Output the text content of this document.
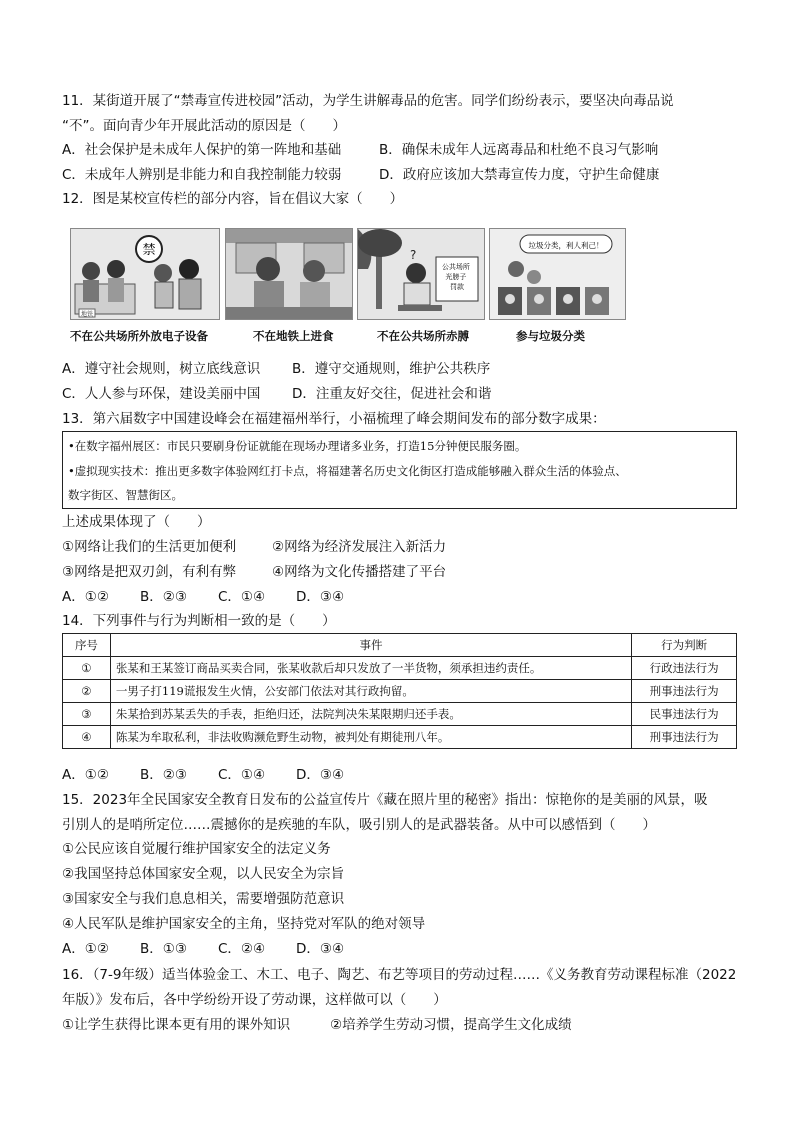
11．某街道开展了“禁毒宣传进校园”活动，为学生讲解毒品的危害。同学们纷纷表示，要坚决向毒品说
“不”。面向青少年开展此活动的原因是（　　）
A．社会保护是未成年人保护的第一阵地和基础	B．确保未成年人远离毒品和杜绝不良习气影响
C．未成年人辨别是非能力和自我控制能力较弱	D．政府应该加大禁毒宣传力度，守护生命健康
12．图是某校宣传栏的部分内容，旨在倡议大家（　　）
禁
地铁
?
公共场所 光膀子 罚款
垃圾分类，利人利己！
不在公共场所外放电子设备	不在地铁上进食	不在公共场所赤膊	参与垃圾分类
A．遵守社会规则，树立底线意识 B．遵守交通规则，维护公共秩序
C．人人参与环保，建设美丽中国 D．注重友好交往，促进社会和谐
13．第六届数字中国建设峰会在福建福州举行，小福梳理了峰会期间发布的部分数字成果：
•在数字福州展区：市民只要刷身份证就能在现场办理诸多业务，打造15分钟便民服务圈。
•虚拟现实技术：推出更多数字体验网红打卡点，将福建著名历史文化街区打造成能够融入群众生活的体验点、
数字街区、智慧街区。
上述成果体现了（　　）
①网络让我们的生活更加便利	②网络为经济发展注入新活力
③网络是把双刃剑，有利有弊	④网络为文化传播搭建了平台
A．①② B．②③ C．①④ D．③④
14．下列事件与行为判断相一致的是（　　）
序号	事件	行为判断
①	张某和王某签订商品买卖合同，张某收款后却只发放了一半货物，须承担违约责任。	行政违法行为
②	一男子打119谎报发生火情，公安部门依法对其行政拘留。	刑事违法行为
③	朱某拾到苏某丢失的手表，拒绝归还，法院判决朱某限期归还手表。	民事违法行为
④	陈某为牟取私利，非法收购濒危野生动物，被判处有期徒刑八年。	刑事违法行为
A．①② B．②③ C．①④ D．③④
15．2023年全民国家安全教育日发布的公益宣传片《藏在照片里的秘密》指出：惊艳你的是美丽的风景，吸
引別人的是哨所定位……震撼你的是疾驰的车队，吸引别人的是武器装备。从中可以感悟到（　　）
①公民应该自觉履行维护国家安全的法定义务
②我国坚持总体国家安全观，以人民安全为宗旨
③国家安全与我们息息相关，需要增强防范意识
④人民军队是维护国家安全的主角，坚持党对军队的绝对领导
A．①② B．①③ C．②④ D．③④
16．（7-9年级）适当体验金工、木工、电子、陶艺、布艺等项目的劳动过程……《义务教育劳动课程标准（2022
年版）》发布后，各中学纷纷开设了劳动课，这样做可以（　　）
①让学生获得比课本更有用的课外知识	②培养学生劳动习惯，提高学生文化成绩
